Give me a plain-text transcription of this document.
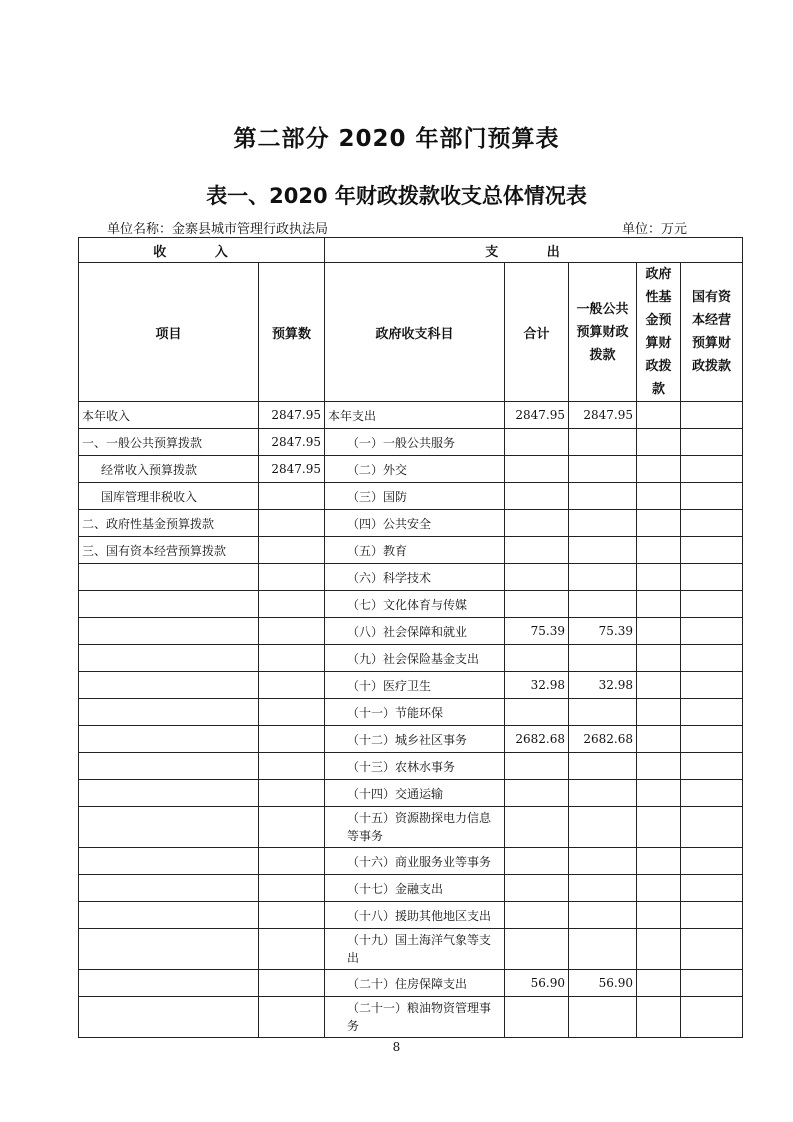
第二部分 2020 年部门预算表
表一、2020 年财政拨款收支总体情况表
单位名称：金寨县城市管理行政执法局	单位：万元
收 入		支 出				
项目	预算数	政府收支科目	合计	一般公共预算财政拨款	政府性基金预算财政拨款	国有资本经营预算财政拨款
本年收入	2847.95	本年支出	2847.95	2847.95		
一、一般公共预算拨款	2847.95	（一）一般公共服务				
经常收入预算拨款	2847.95	（二）外交				
国库管理非税收入		（三）国防				
二、政府性基金预算拨款		（四）公共安全				
三、国有资本经营预算拨款		（五）教育				
		（六）科学技术				
		（七）文化体育与传媒				
		（八）社会保障和就业	75.39	75.39		
		（九）社会保险基金支出				
		（十）医疗卫生	32.98	32.98		
		（十一）节能环保				
		（十二）城乡社区事务	2682.68	2682.68		
		（十三）农林水事务				
		（十四）交通运输				
		（十五）资源勘探电力信息等事务				
		（十六）商业服务业等事务				
		（十七）金融支出				
		（十八）援助其他地区支出				
		（十九）国土海洋气象等支出				
		（二十）住房保障支出	56.90	56.90		
		（二十一）粮油物资管理事务				
8
